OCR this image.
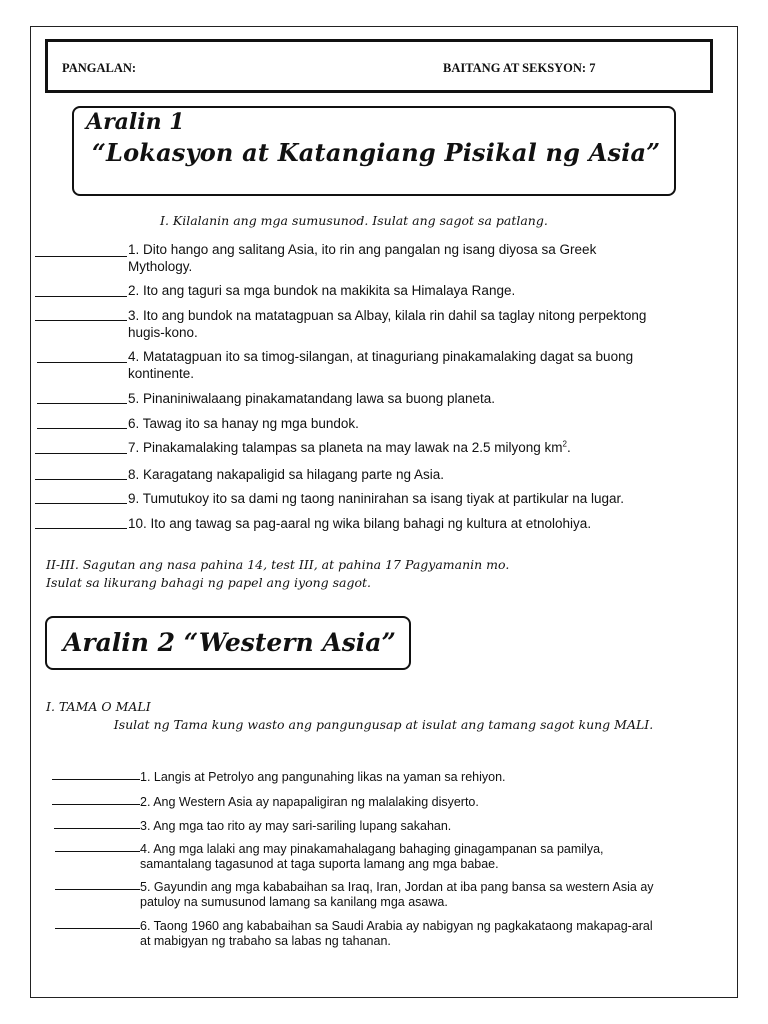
PANGALAN:	BAITANG AT SEKSYON: 7
Aralin 1
“Lokasyon at Katangiang Pisikal ng Asia”
I. Kilalanin ang mga sumusunod. Isulat ang sagot sa patlang.
1. Dito hango ang salitang Asia, ito rin ang pangalan ng isang diyosa sa Greek
Mythology.
2. Ito ang taguri sa mga bundok na makikita sa Himalaya Range.
3. Ito ang bundok na matatagpuan sa Albay, kilala rin dahil sa taglay nitong perpektong
hugis-kono.
4. Matatagpuan ito sa timog-silangan, at tinaguriang pinakamalaking dagat sa buong
kontinente.
5. Pinaniniwalaang pinakamatandang lawa sa buong planeta.
6. Tawag ito sa hanay ng mga bundok.
7. Pinakamalaking talampas sa planeta na may lawak na 2.5 milyong $km^2$.
8. Karagatang nakapaligid sa hilagang parte ng Asia.
9. Tumutukoy ito sa dami ng taong naninirahan sa isang tiyak at partikular na lugar.
10. Ito ang tawag sa pag-aaral ng wika bilang bahagi ng kultura at etnolohiya.
II-III. Sagutan ang nasa pahina 14, test III, at pahina 17 Pagyamanin mo.
Isulat sa likurang bahagi ng papel ang iyong sagot.
Aralin 2 “Western Asia”
I. TAMA O MALI
Isulat ng Tama kung wasto ang pangungusap at isulat ang tamang sagot kung MALI.
1. Langis at Petrolyo ang pangunahing likas na yaman sa rehiyon.
2. Ang Western Asia ay napapaligiran ng malalaking disyerto.
3. Ang mga tao rito ay may sari-sariling lupang sakahan.
4. Ang mga lalaki ang may pinakamahalagang bahaging ginagampanan sa pamilya,
samantalang tagasunod at taga suporta lamang ang mga babae.
5. Gayundin ang mga kababaihan sa Iraq, Iran, Jordan at iba pang bansa sa western Asia ay
patuloy na sumusunod lamang sa kanilang mga asawa.
6. Taong 1960 ang kababaihan sa Saudi Arabia ay nabigyan ng pagkakataong makapag-aral
at mabigyan ng trabaho sa labas ng tahanan.
